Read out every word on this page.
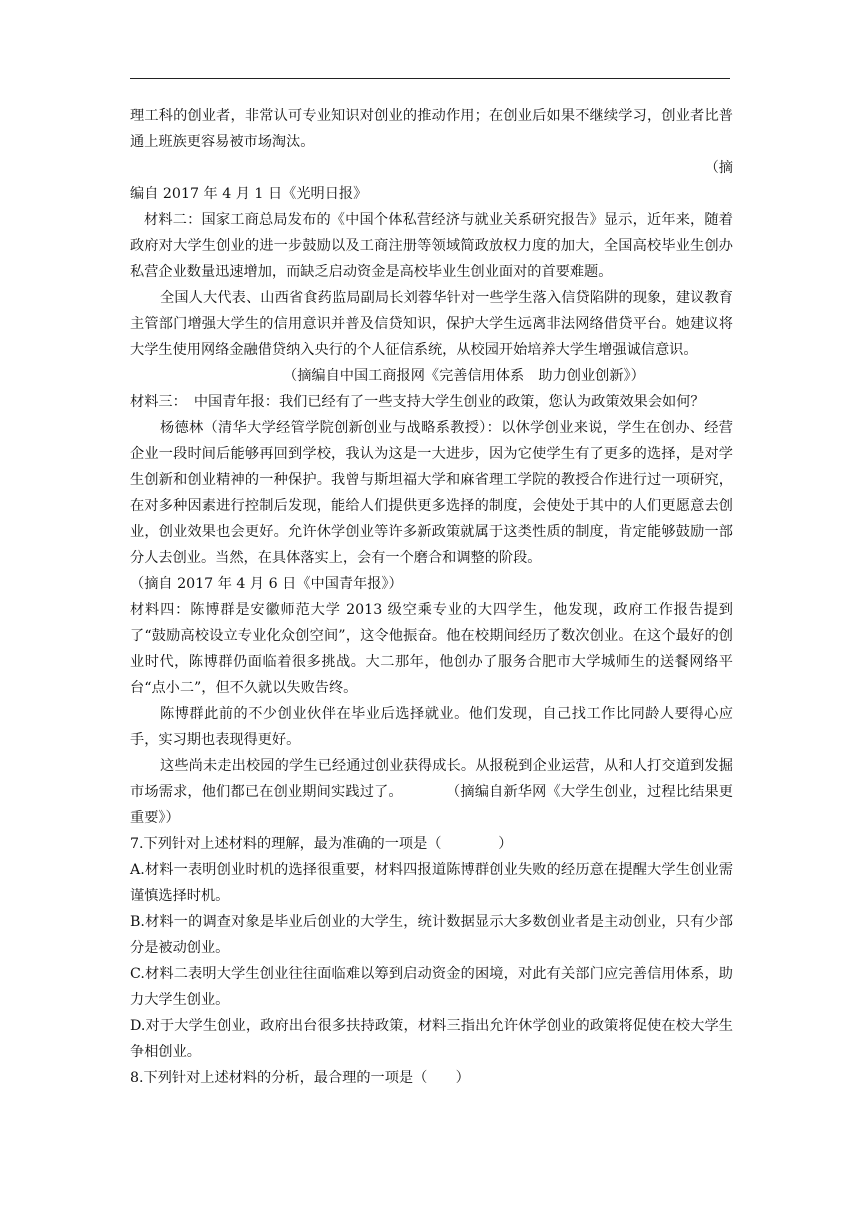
理工科的创业者，非常认可专业知识对创业的推动作用；在创业后如果不继续学习，创业者比普通上班族更容易被市场淘汰。

（摘

编自 2017 年 4 月 1 日《光明日报》

材料二：国家工商总局发布的《中国个体私营经济与就业关系研究报告》显示，近年来，随着政府对大学生创业的进一步鼓励以及工商注册等领域简政放权力度的加大，全国高校毕业生创办私营企业数量迅速增加，而缺乏启动资金是高校毕业生创业面对的首要难题。

全国人大代表、山西省食药监局副局长刘蓉华针对一些学生落入信贷陷阱的现象，建议教育主管部门增强大学生的信用意识并普及信贷知识，保护大学生远离非法网络借贷平台。她建议将大学生使用网络金融借贷纳入央行的个人征信系统，从校园开始培养大学生增强诚信意识。

（摘编自中国工商报网《完善信用体系　助力创业创新》）

材料三：　中国青年报：我们已经有了一些支持大学生创业的政策，您认为政策效果会如何？

杨德林（清华大学经管学院创新创业与战略系教授）：以休学创业来说，学生在创办、经营企业一段时间后能够再回到学校，我认为这是一大进步，因为它使学生有了更多的选择，是对学生创新和创业精神的一种保护。我曾与斯坦福大学和麻省理工学院的教授合作进行过一项研究，在对多种因素进行控制后发现，能给人们提供更多选择的制度，会使处于其中的人们更愿意去创业，创业效果也会更好。允许休学创业等许多新政策就属于这类性质的制度，肯定能够鼓励一部分人去创业。当然，在具体落实上，会有一个磨合和调整的阶段。

（摘自 2017 年 4 月 6 日《中国青年报》）

材料四：陈博群是安徽师范大学 2013 级空乘专业的大四学生，他发现，政府工作报告提到了“鼓励高校设立专业化众创空间”，这令他振奋。他在校期间经历了数次创业。在这个最好的创业时代，陈博群仍面临着很多挑战。大二那年，他创办了服务合肥市大学城师生的送餐网络平台“点小二”，但不久就以失败告终。

陈博群此前的不少创业伙伴在毕业后选择就业。他们发现，自己找工作比同龄人要得心应手，实习期也表现得更好。

这些尚未走出校园的学生已经通过创业获得成长。从报税到企业运营，从和人打交道到发掘市场需求，他们都已在创业期间实践过了。　　　　（摘编自新华网《大学生创业，过程比结果更重要》）

7.下列针对上述材料的理解，最为准确的一项是（　　　　）

A.材料一表明创业时机的选择很重要，材料四报道陈博群创业失败的经历意在提醒大学生创业需谨慎选择时机。

B.材料一的调查对象是毕业后创业的大学生，统计数据显示大多数创业者是主动创业，只有少部分是被动创业。

C.材料二表明大学生创业往往面临难以筹到启动资金的困境，对此有关部门应完善信用体系，助力大学生创业。

D.对于大学生创业，政府出台很多扶持政策，材料三指出允许休学创业的政策将促使在校大学生争相创业。

8.下列针对上述材料的分析，最合理的一项是（　　）
